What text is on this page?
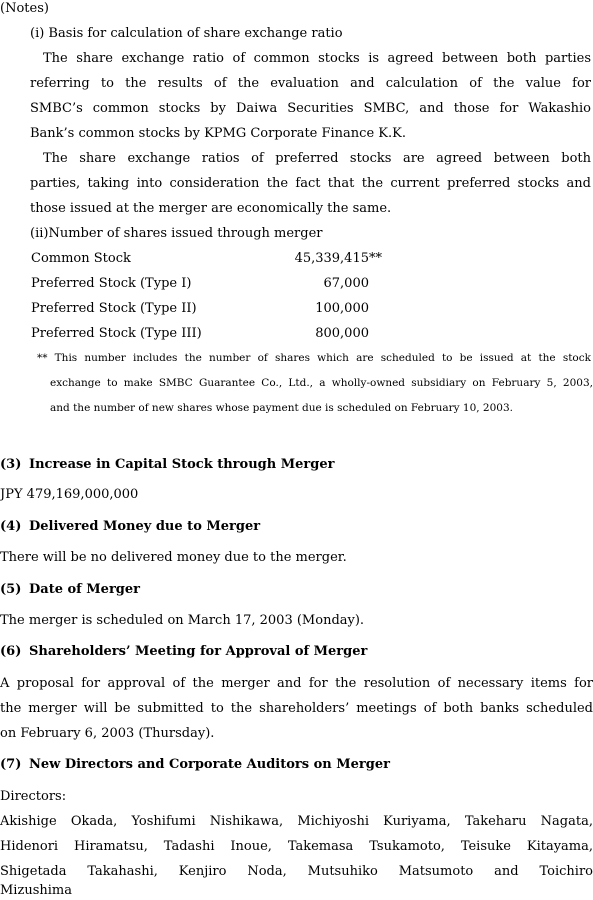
(Notes)
(i) Basis for calculation of share exchange ratio
The share exchange ratio of common stocks is agreed between both parties
referring to the results of the evaluation and calculation of the value for
SMBC’s common stocks by Daiwa Securities SMBC, and those for Wakashio
Bank’s common stocks by KPMG Corporate Finance K.K.
The share exchange ratios of preferred stocks are agreed between both
parties, taking into consideration the fact that the current preferred stocks and
those issued at the merger are economically the same.
(ii)Number of shares issued through merger
Common Stock	45,339,415**
Preferred Stock (Type I)	67,000
Preferred Stock (Type II)	100,000
Preferred Stock (Type III)	800,000
** This number includes the number of shares which are scheduled to be issued at the stock
exchange to make SMBC Guarantee Co., Ltd., a wholly-owned subsidiary on February 5, 2003,
and the number of new shares whose payment due is scheduled on February 10, 2003.
(3) Increase in Capital Stock through Merger
JPY 479,169,000,000
(4) Delivered Money due to Merger
There will be no delivered money due to the merger.
(5) Date of Merger
The merger is scheduled on March 17, 2003 (Monday).
(6) Shareholders’ Meeting for Approval of Merger
A proposal for approval of the merger and for the resolution of necessary items for
the merger will be submitted to the shareholders’ meetings of both banks scheduled
on February 6, 2003 (Thursday).
(7) New Directors and Corporate Auditors on Merger
Directors:
Akishige Okada, Yoshifumi Nishikawa, Michiyoshi Kuriyama, Takeharu Nagata,
Hidenori Hiramatsu, Tadashi Inoue, Takemasa Tsukamoto, Teisuke Kitayama,
Shigetada Takahashi, Kenjiro Noda, Mutsuhiko Matsumoto and Toichiro
Mizushima
